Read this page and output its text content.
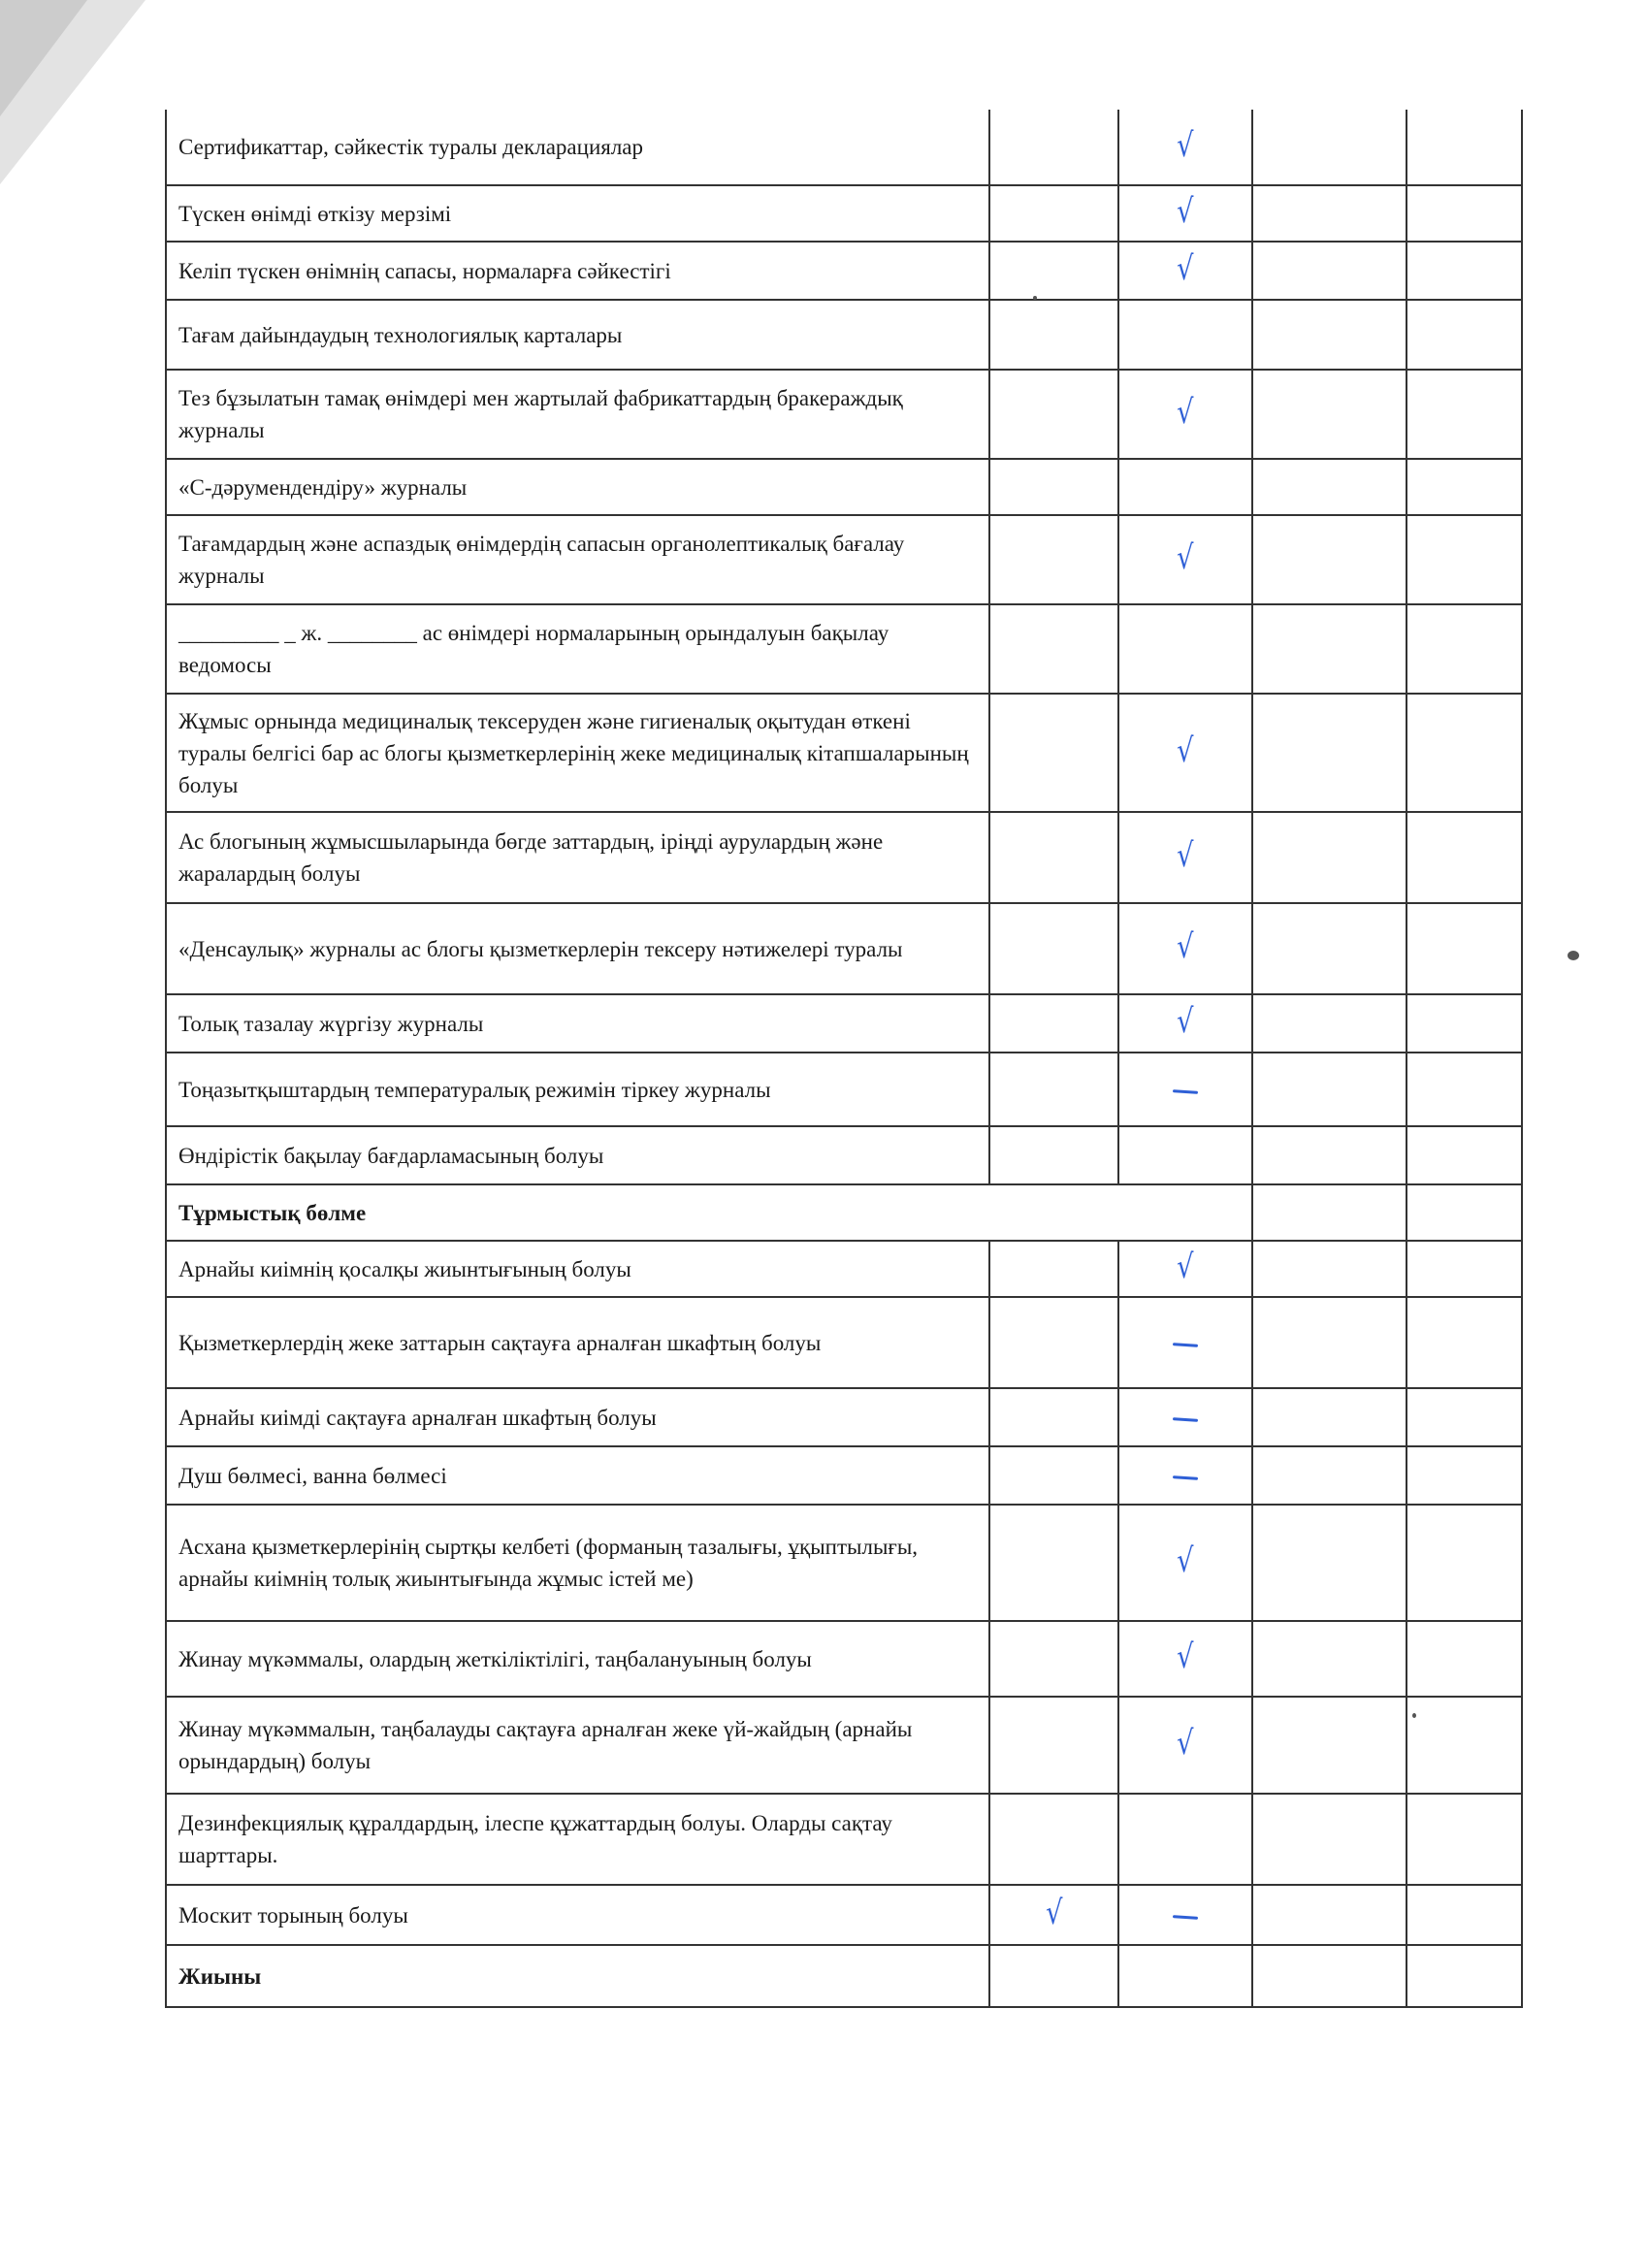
Сертификаттар, сәйкестік туралы декларациялар		√		
Түскен өнімді өткізу мерзімі		√		
Келіп түскен өнімнің сапасы, нормаларға сәйкестігі		√		
Тағам дайындаудың технологиялық карталары				
Тез бұзылатын тамақ өнімдері мен жартылай фабрикаттардың бракераждық журналы		√		
«С-дәрумендендіру» журналы				
Тағамдардың және аспаздық өнімдердің сапасын органолептикалық бағалау журналы		√		
_________ _ ж. ________ ас өнімдері нормаларының орындалуын бақылау ведомосы				
Жұмыс орнында медициналық тексеруден және гигиеналық оқытудан өткені туралы белгісі бар ас блогы қызметкерлерінің жеке медициналық кітапшаларының болуы		√		
Ас блогының жұмысшыларында бөгде заттардың, іріңді аурулардың және жаралардың болуы		√		
«Денсаулық» журналы ас блогы қызметкерлерін тексеру нәтижелері туралы		√		
Толық тазалау жүргізу журналы		√		
Тоңазытқыштардың температуралық режимін тіркеу журналы				
Өндірістік бақылау бағдарламасының болуы				
Тұрмыстық бөлме				
Арнайы киімнің қосалқы жиынтығының болуы		√		
Қызметкерлердің жеке заттарын сақтауға арналған шкафтың болуы				
Арнайы киімді сақтауға арналған шкафтың болуы				
Душ бөлмесі, ванна бөлмесі				
Асхана қызметкерлерінің сыртқы келбеті (форманың тазалығы, ұқыптылығы, арнайы киімнің толық жиынтығында жұмыс істей ме)		√		
Жинау мүкәммалы, олардың жеткіліктілігі, таңбалануының болуы		√		
Жинау мүкәммалын, таңбалауды сақтауға арналған жеке үй-жайдың (арнайы орындардың) болуы		√		
Дезинфекциялық құралдардың, ілеспе құжаттардың болуы. Оларды сақтау шарттары.				
Москит торының болуы	√			
Жиыны				
